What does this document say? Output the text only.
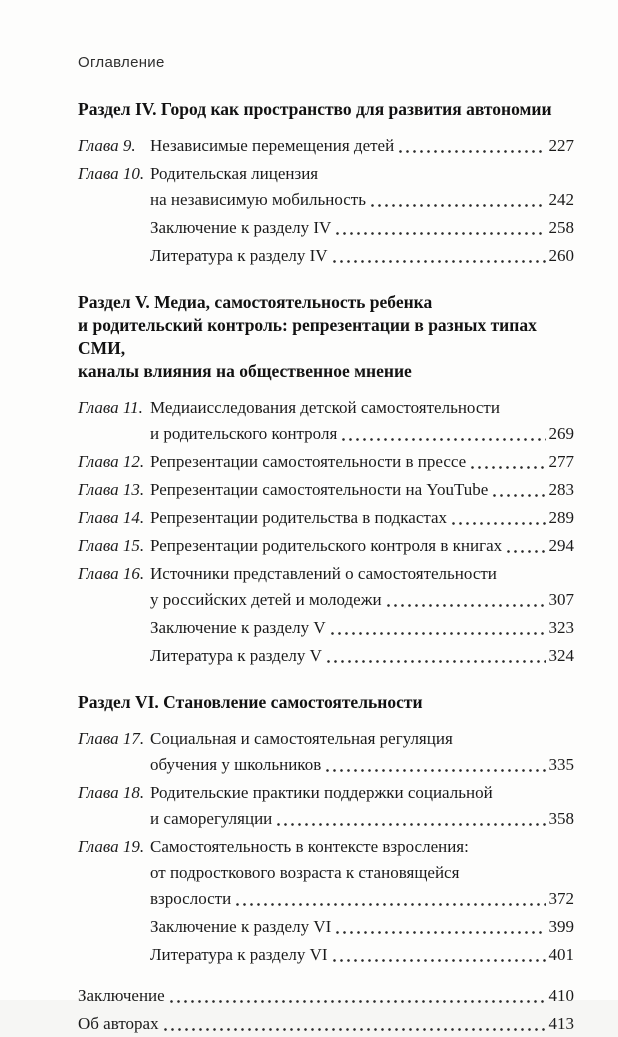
Оглавление
Раздел IV. Город как пространство для развития автономии
Глава 9. Независимые перемещения детей	227
Глава 10. Родительская лицензия
на независимую мобильность	242
Заключение к разделу IV	258
Литература к разделу IV	260
Раздел V. Медиа, самостоятельность ребенка
и родительский контроль: репрезентации в разных типах СМИ,
каналы влияния на общественное мнение
Глава 11. Медиаисследования детской самостоятельности
и родительского контроля	269
Глава 12. Репрезентации самостоятельности в прессе	277
Глава 13. Репрезентации самостоятельности на YouTube	283
Глава 14. Репрезентации родительства в подкастах	289
Глава 15. Репрезентации родительского контроля в книгах	294
Глава 16. Источники представлений о самостоятельности
у российских детей и молодежи	307
Заключение к разделу V	323
Литература к разделу V	324
Раздел VI. Становление самостоятельности
Глава 17. Социальная и самостоятельная регуляция
обучения у школьников	335
Глава 18. Родительские практики поддержки социальной
и саморегуляции	358
Глава 19. Самостоятельность в контексте взросления:
от подросткового возраста к становящейся
взрослости	372
Заключение к разделу VI	399
Литература к разделу VI	401
Заключение	410
Об авторах	413
